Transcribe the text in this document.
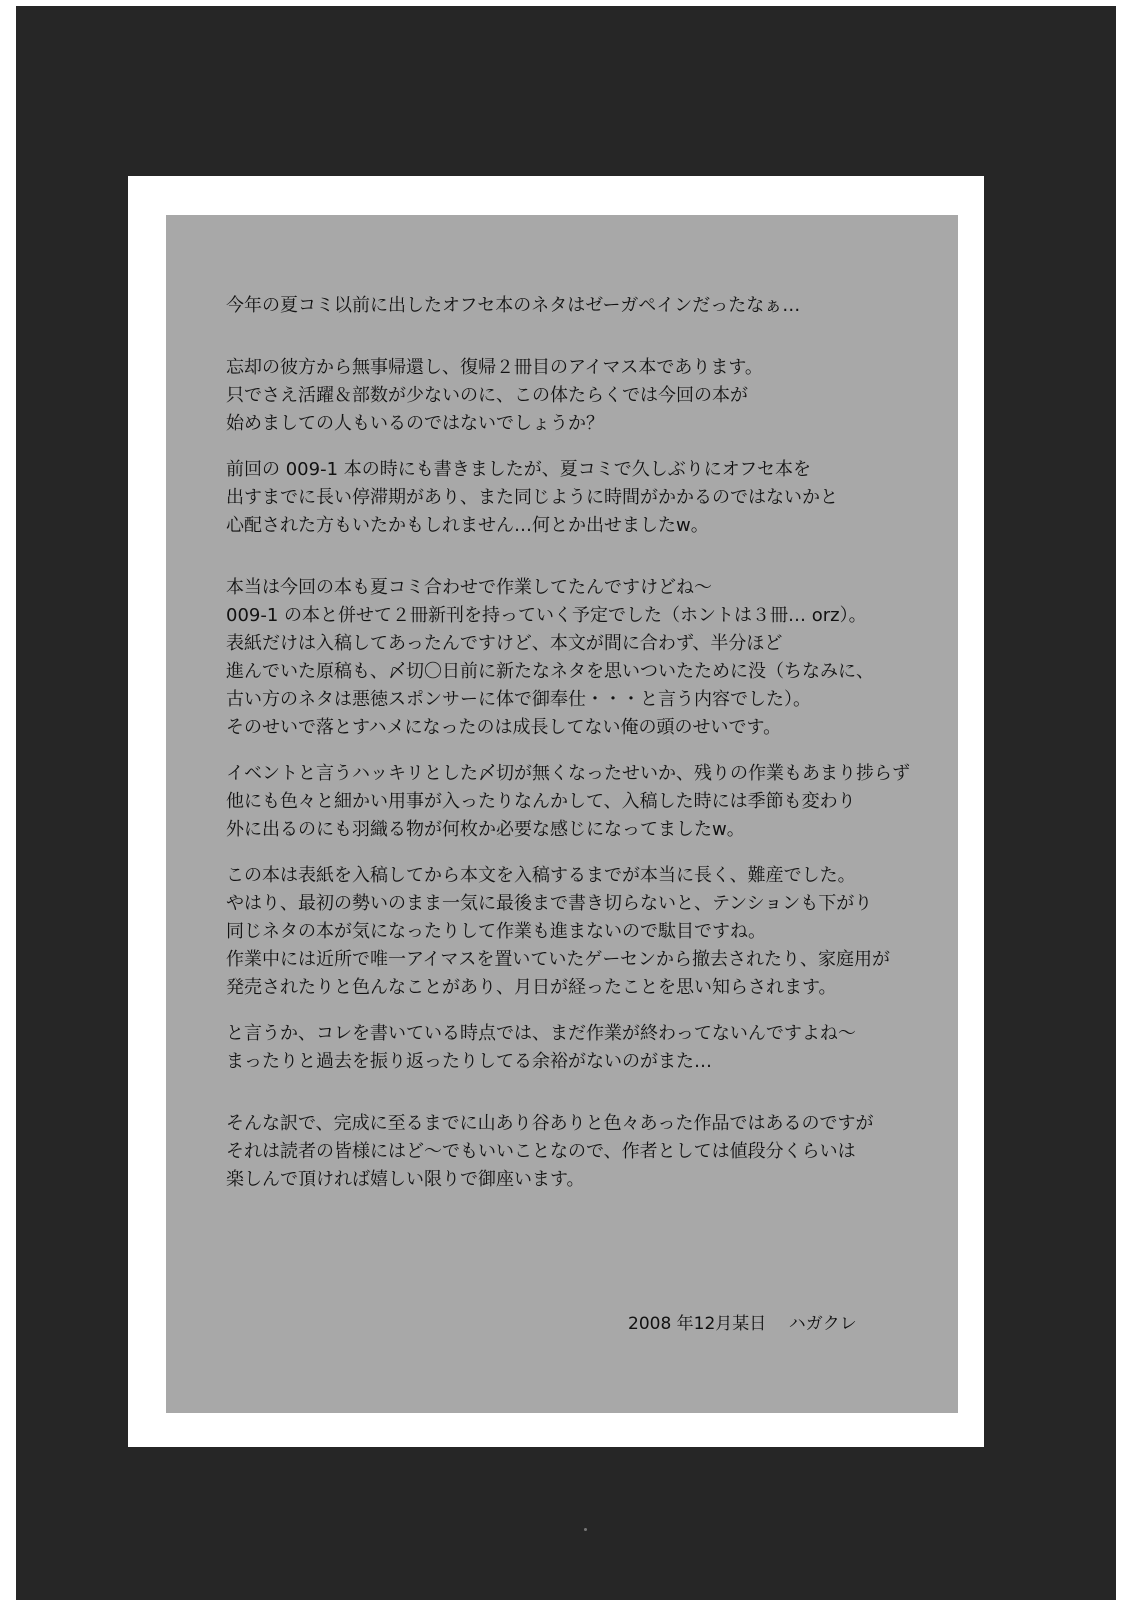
今年の夏コミ以前に出したオフセ本のネタはゼーガペインだったなぁ…
忘却の彼方から無事帰還し、復帰２冊目のアイマス本であります。
只でさえ活躍＆部数が少ないのに、この体たらくでは今回の本が
始めましての人もいるのではないでしょうか？
前回の 009-1 本の時にも書きましたが、夏コミで久しぶりにオフセ本を
出すまでに長い停滞期があり、また同じように時間がかかるのではないかと
心配された方もいたかもしれません…何とか出せましたw。
本当は今回の本も夏コミ合わせで作業してたんですけどね～
009-1 の本と併せて２冊新刊を持っていく予定でした（ホントは３冊… orz）。
表紙だけは入稿してあったんですけど、本文が間に合わず、半分ほど
進んでいた原稿も、〆切〇日前に新たなネタを思いついたために没（ちなみに、
古い方のネタは悪徳スポンサーに体で御奉仕・・・と言う内容でした）。
そのせいで落とすハメになったのは成長してない俺の頭のせいです。
イベントと言うハッキリとした〆切が無くなったせいか、残りの作業もあまり捗らず
他にも色々と細かい用事が入ったりなんかして、入稿した時には季節も変わり
外に出るのにも羽織る物が何枚か必要な感じになってましたw。
この本は表紙を入稿してから本文を入稿するまでが本当に長く、難産でした。
やはり、最初の勢いのまま一気に最後まで書き切らないと、テンションも下がり
同じネタの本が気になったりして作業も進まないので駄目ですね。
作業中には近所で唯一アイマスを置いていたゲーセンから撤去されたり、家庭用が
発売されたりと色んなことがあり、月日が経ったことを思い知らされます。
と言うか、コレを書いている時点では、まだ作業が終わってないんですよね～
まったりと過去を振り返ったりしてる余裕がないのがまた…
そんな訳で、完成に至るまでに山あり谷ありと色々あった作品ではあるのですが
それは読者の皆様にはど～でもいいことなので、作者としては値段分くらいは
楽しんで頂ければ嬉しい限りで御座います。
2008 年12月某日　 ハガクレ
